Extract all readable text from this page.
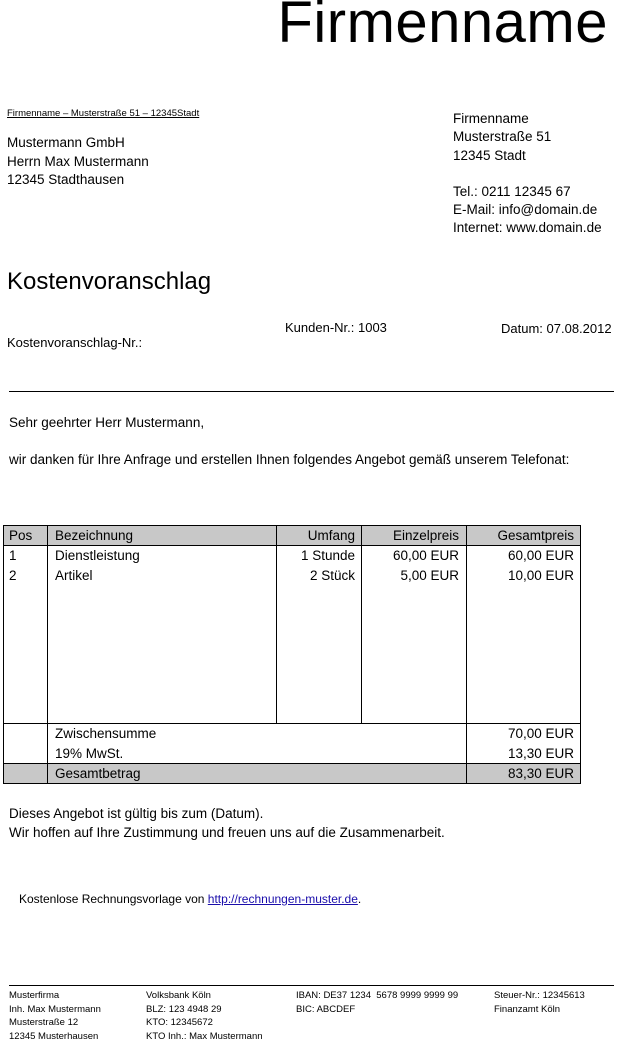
Firmenname
Firmenname – Musterstraße 51 – 12345Stadt
Mustermann GmbH
Herrn Max Mustermann
12345 Stadthausen
Firmenname
Musterstraße 51
12345 Stadt
Tel.: 0211 12345 67
E-Mail: info@domain.de
Internet: www.domain.de
Kostenvoranschlag
Kostenvoranschlag-Nr.:
Kunden-Nr.: 1003	Datum: 07.08.2012
Sehr geehrter Herr Mustermann,
wir danken für Ihre Anfrage und erstellen Ihnen folgendes Angebot gemäß unserem Telefonat:
Pos Bezeichnung	Umfang	Einzelpreis	Gesamtpreis
1	Dienstleistung	1 Stunde	60,00 EUR	60,00 EUR
2	Artikel	2 Stück	5,00 EUR	10,00 EUR
Zwischensumme	70,00 EUR
19% MwSt.	13,30 EUR
Gesamtbetrag	83,30 EUR
Dieses Angebot ist gültig bis zum (Datum).
Wir hoffen auf Ihre Zustimmung und freuen uns auf die Zusammenarbeit.
Kostenlose Rechnungsvorlage von http://rechnungen-muster.de.
Musterfirma
Inh. Max Mustermann
Musterstraße 12
12345 Musterhausen
Volksbank Köln
BLZ: 123 4948 29
KTO: 12345672
KTO Inh.: Max Mustermann
IBAN: DE37 1234  5678 9999 9999 99
BIC: ABCDEF
Steuer-Nr.: 12345613
Finanzamt Köln
